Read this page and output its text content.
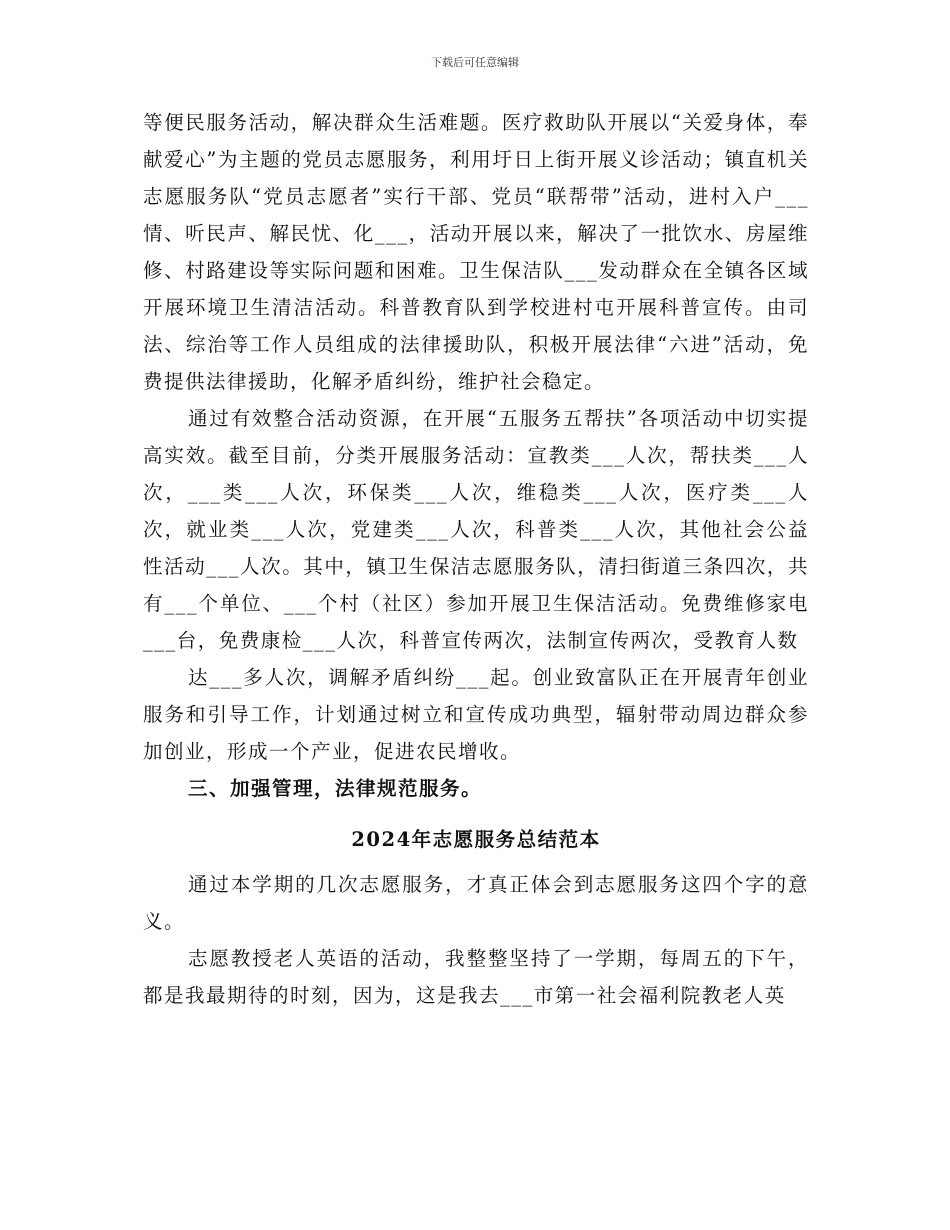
下载后可任意编辑

等便民服务活动，解决群众生活难题。医疗救助队开展以“关爱身体，奉献爱心”为主题的党员志愿服务，利用圩日上街开展义诊活动；镇直机关志愿服务队“党员志愿者”实行干部、党员“联帮带”活动，进村入户___情、听民声、解民忧、化___，活动开展以来，解决了一批饮水、房屋维修、村路建设等实际问题和困难。卫生保洁队___发动群众在全镇各区域开展环境卫生清洁活动。科普教育队到学校进村屯开展科普宣传。由司法、综治等工作人员组成的法律援助队，积极开展法律“六进”活动，免费提供法律援助，化解矛盾纠纷，维护社会稳定。

通过有效整合活动资源，在开展“五服务五帮扶”各项活动中切实提高实效。截至目前，分类开展服务活动：宣教类___人次，帮扶类___人次，___类___人次，环保类___人次，维稳类___人次，医疗类___人次，就业类___人次，党建类___人次，科普类___人次，其他社会公益性活动___人次。其中，镇卫生保洁志愿服务队，清扫街道三条四次，共有___个单位、___个村（社区）参加开展卫生保洁活动。免费维修家电___台，免费康检___人次，科普宣传两次，法制宣传两次，受教育人数

达___多人次，调解矛盾纠纷___起。创业致富队正在开展青年创业服务和引导工作，计划通过树立和宣传成功典型，辐射带动周边群众参加创业，形成一个产业，促进农民增收。

三、加强管理，法律规范服务。

2024年志愿服务总结范本

通过本学期的几次志愿服务，才真正体会到志愿服务这四个字的意义。

志愿教授老人英语的活动，我整整坚持了一学期，每周五的下午，都是我最期待的时刻，因为，这是我去___市第一社会福利院教老人英
